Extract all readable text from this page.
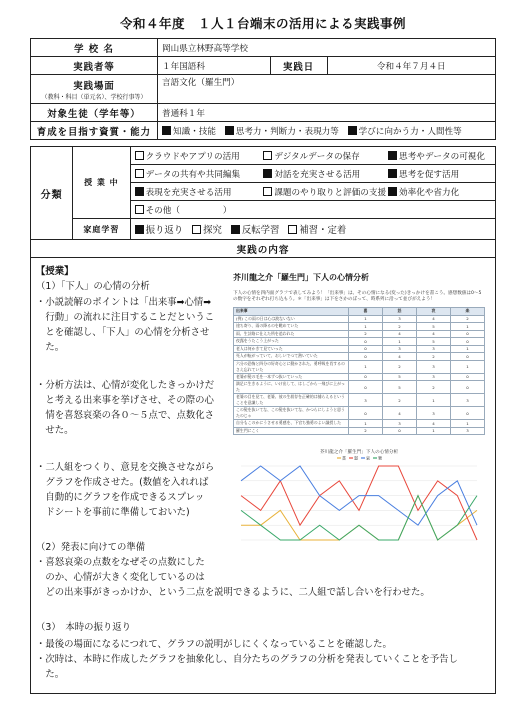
令和４年度　１人１台端末の活用による実践事例
学 校 名	岡山県立林野高等学校		
実践者等	１年国語科	実践日	令和４年７月４日
実践場面
（教科・科目（単元名）、学校行事等）	言語文化（羅生門）		
対象生徒（学年等）	普通科１年		
育成を目指す資質・能力	知識・技能 思考力・判断力・表現力等 学びに向かう力・人間性等		
分類	授 業 中	クラウドやアプリの活用 デジタルデータの保存 思考やデータの可視化
		データの共有や共同編集 対話を充実させる活用 思考を促す活用
		表現を充実させる活用 課題のやり取りと評価の支援 効率化や省力化
		その他（　　　　　）
	家庭学習	振り返り 探究 反転学習 補習・定着
実践の内容		
【授業】
（1）「下人」の心情の分析
・小説読解のポイントは「出来事➡心情➡
　行動」の流れに注目することだというこ
　とを確認し、「下人」の心情を分析させ
　た。
・分析方法は、心情が変化したきっかけだ
　と考える出来事を挙げさせ、その際の心
　情を喜怒哀楽の各０～５点で、点数化さ
　せた。
・二人組をつくり、意見を交換させながら
　グラフを作成させた。(数値を入れれば
　自動的にグラフを作成できるスプレッ
　ドシートを事前に準備しておいた)
（2）発表に向けての準備
・喜怒哀楽の点数をなぜその点数にした
　のか、心情が大きく変化しているのは
　どの出来事がきっかけか、という二点を説明できるように、二人組で話し合いを行わせた。
（3）　本時の振り返り
・最後の場面になるにつれて、グラフの説明がしにくくなっていることを確認した。
・次時は、本時に作成したグラフを抽象化し、自分たちのグラフの分析を発表していくことを予告し
　た。
芥川龍之介「羅生門」下人の心情分析
下人の心情を四内面グラフで表してみよう！「出来事」は、その心情になる(変った)きっかけを書こう。感想数値は0〜5の数字をそれぞれ打ち込もう。＊「出来事」は下をさかのぼって、時系列に沿って並びがえよう！
出来事	喜	怒	哀	楽
(例) この雨の日は心は波ないない	1	3	4	2
途ち寄り、雨の降るのを眺めていた	1	2	5	1
雨、生計路に仕えた所を追われた	2	4	4	0
夜露をうたこう上がった	0	1	5	0
老人は何かきて見ていった	0	3	3	1
死人が転がっていて、おしいでつて熱いていた	0	4	2	0
六分の恐怖と四分の好奇心とに動かされた、勇呼吸を肖するのさえ忘れていた	1	2	3	1
老婆が髪の毛を一本ずつ抜いていった	0	5	3	0
満足に生きるように、いけ出して、はしごから一飛びに上がった	0	5	2	0
老婆の目を見て、老婆、彼の生殺存を正確的は捕らえるということを意識した	3	2	1	3
この髪を抜いてな、この髪を抜いてな、かつらにしようと思うたのじゃ	0	4	3	0
自分もこのかにうさせる勇感を、下官ち強勇のよい議授した	1	3	4	1
羅生門にこく	2	0	1	3
芥川龍之介「羅生門」下人の心情分析
喜 怒 哀 楽
